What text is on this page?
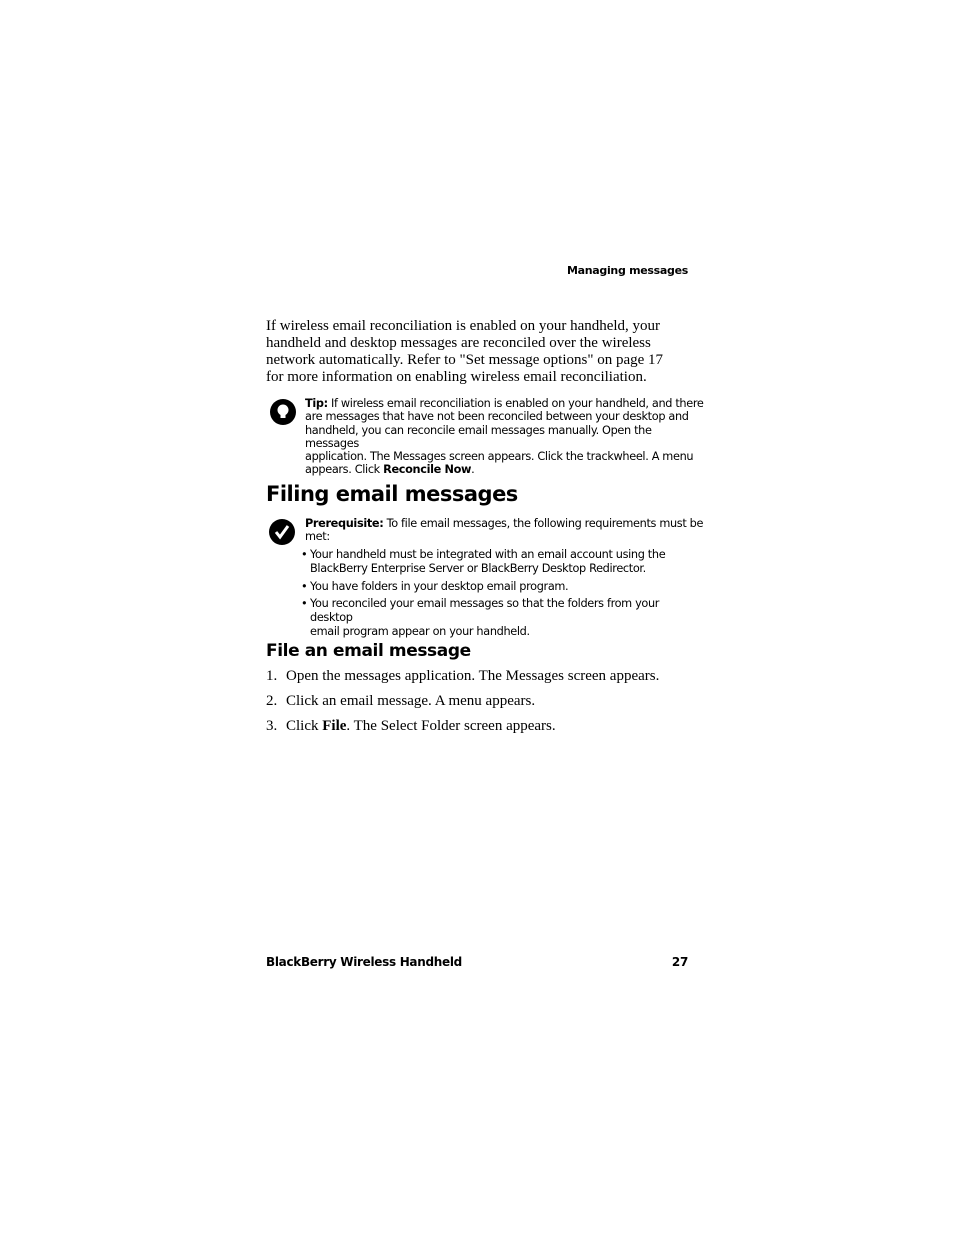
Managing messages
If wireless email reconciliation is enabled on your handheld, your
handheld and desktop messages are reconciled over the wireless
network automatically. Refer to "Set message options" on page 17
for more information on enabling wireless email reconciliation.
Tip: If wireless email reconciliation is enabled on your handheld, and there
are messages that have not been reconciled between your desktop and
handheld, you can reconcile email messages manually. Open the messages
application. The Messages screen appears. Click the trackwheel. A menu
appears. Click Reconcile Now.
Filing email messages
Prerequisite: To file email messages, the following requirements must be
met:
• Your handheld must be integrated with an email account using the
BlackBerry Enterprise Server or BlackBerry Desktop Redirector.
• You have folders in your desktop email program.
• You reconciled your email messages so that the folders from your desktop
email program appear on your handheld.
File an email message
1. Open the messages application. The Messages screen appears.
2. Click an email message. A menu appears.
3. Click File. The Select Folder screen appears.
BlackBerry Wireless Handheld	27
